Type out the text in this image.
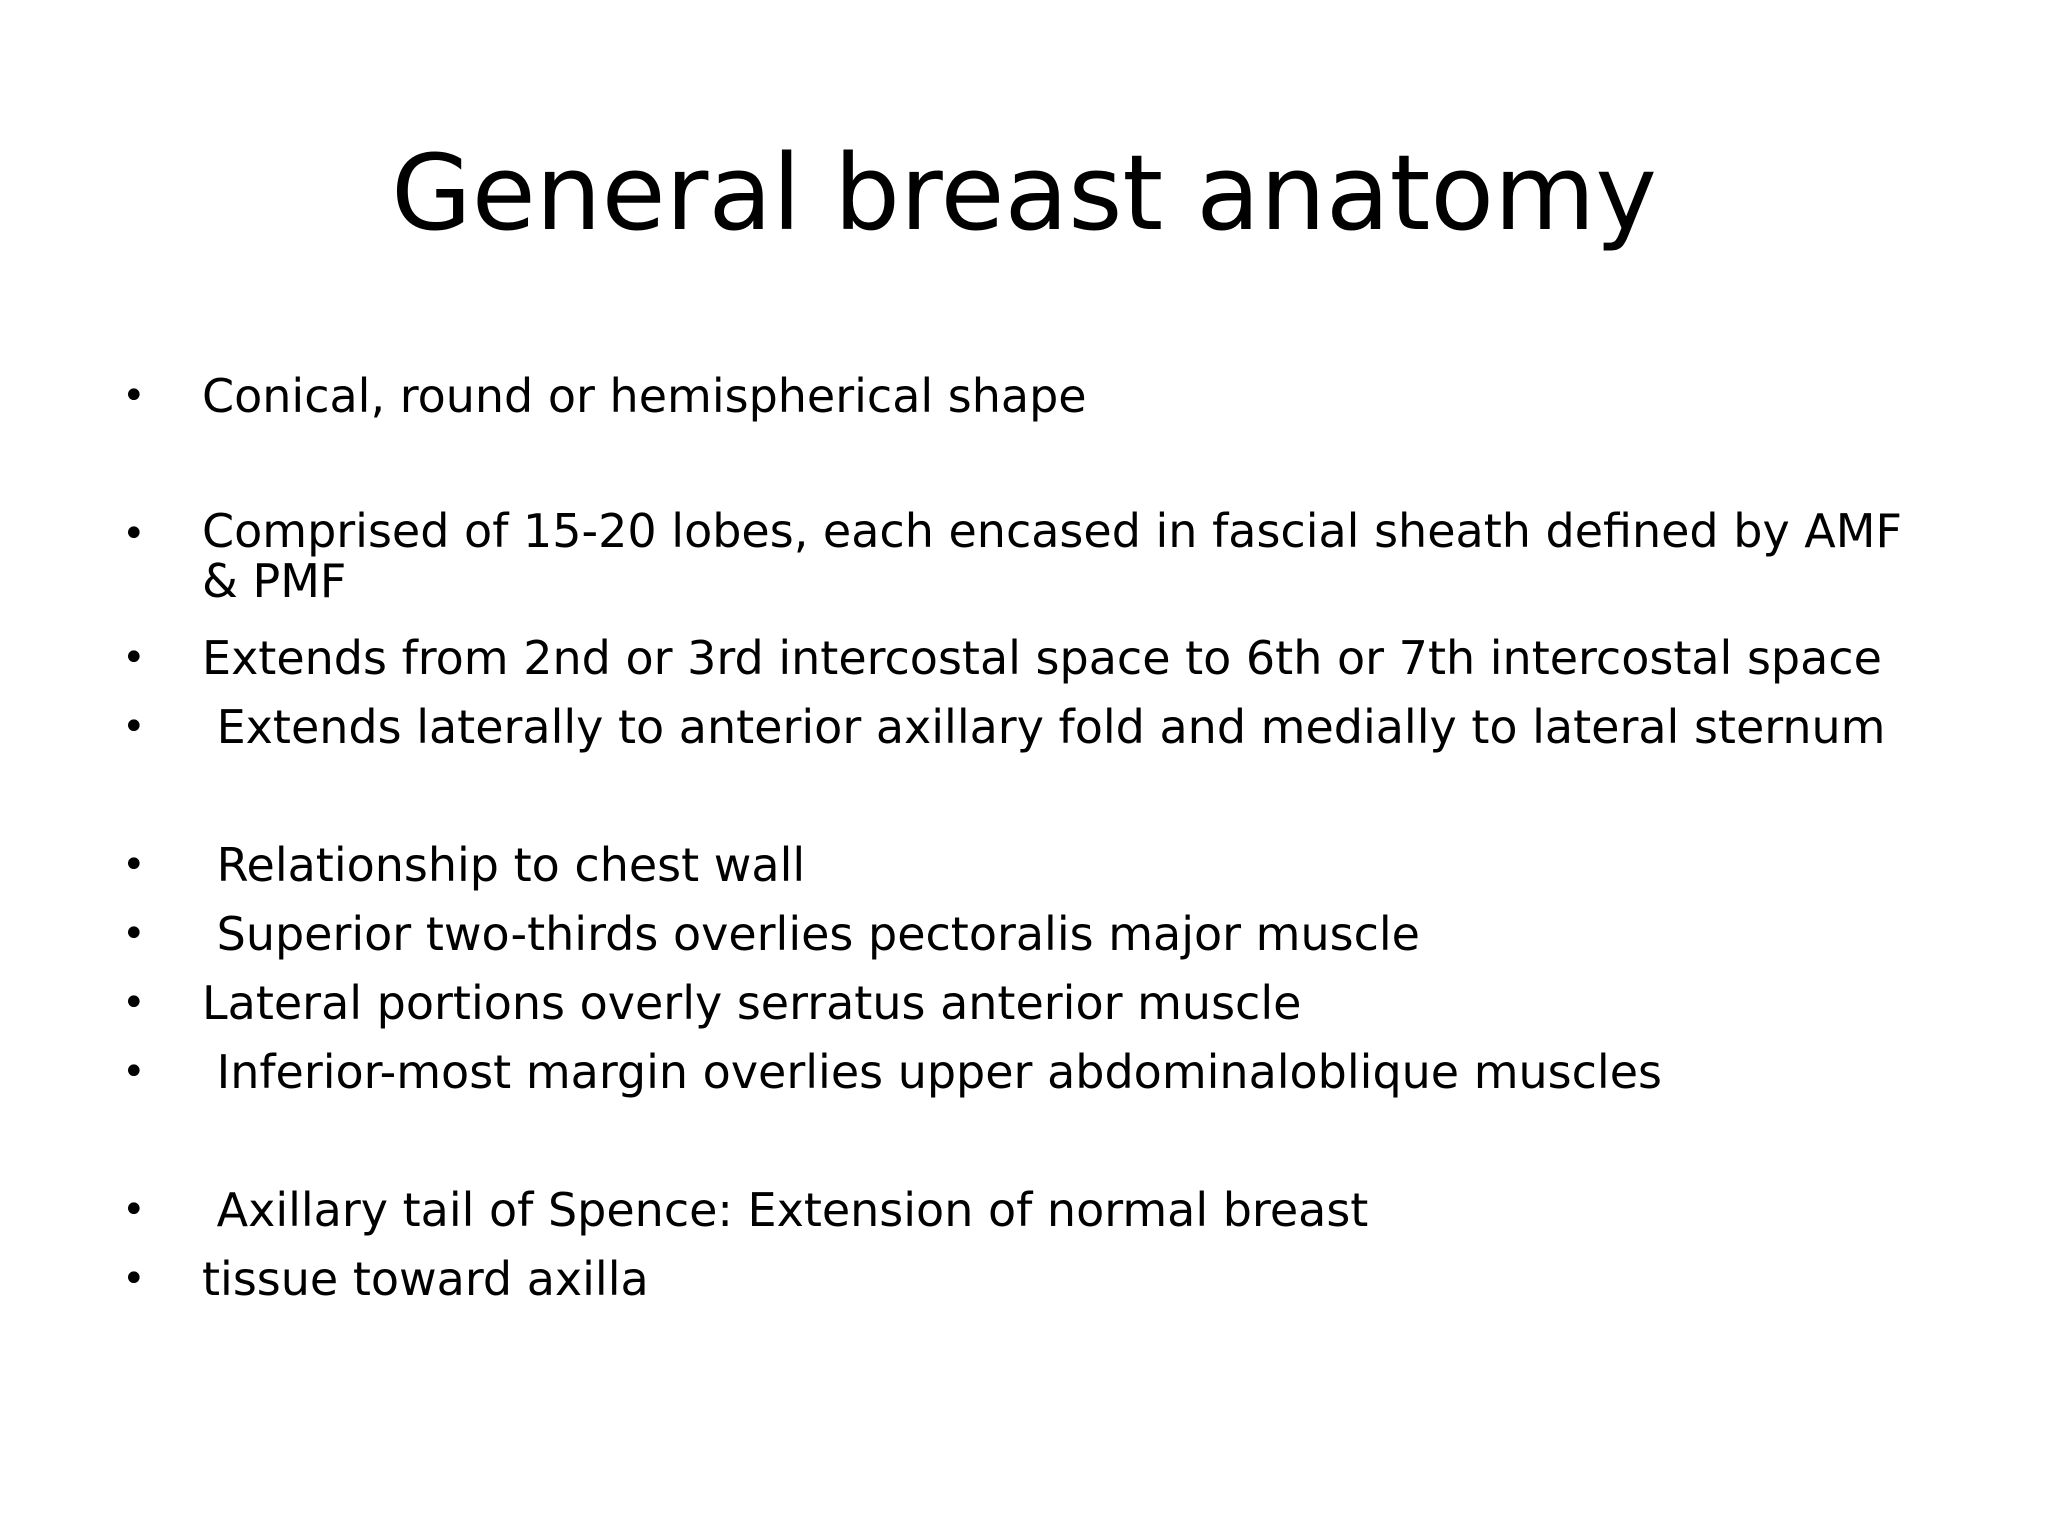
General breast anatomy
• Conical, round or hemispherical shape
• Comprised of 15-20 lobes, each encased in fascial sheath defined by AMF & PMF
• Extends from 2nd or 3rd intercostal space to 6th or 7th intercostal space
• Extends laterally to anterior axillary fold and medially to lateral sternum
• Relationship to chest wall
• Superior two-thirds overlies pectoralis major muscle
• Lateral portions overly serratus anterior muscle
• Inferior-most margin overlies upper abdominaloblique muscles
• Axillary tail of Spence: Extension of normal breast
• tissue toward axilla
